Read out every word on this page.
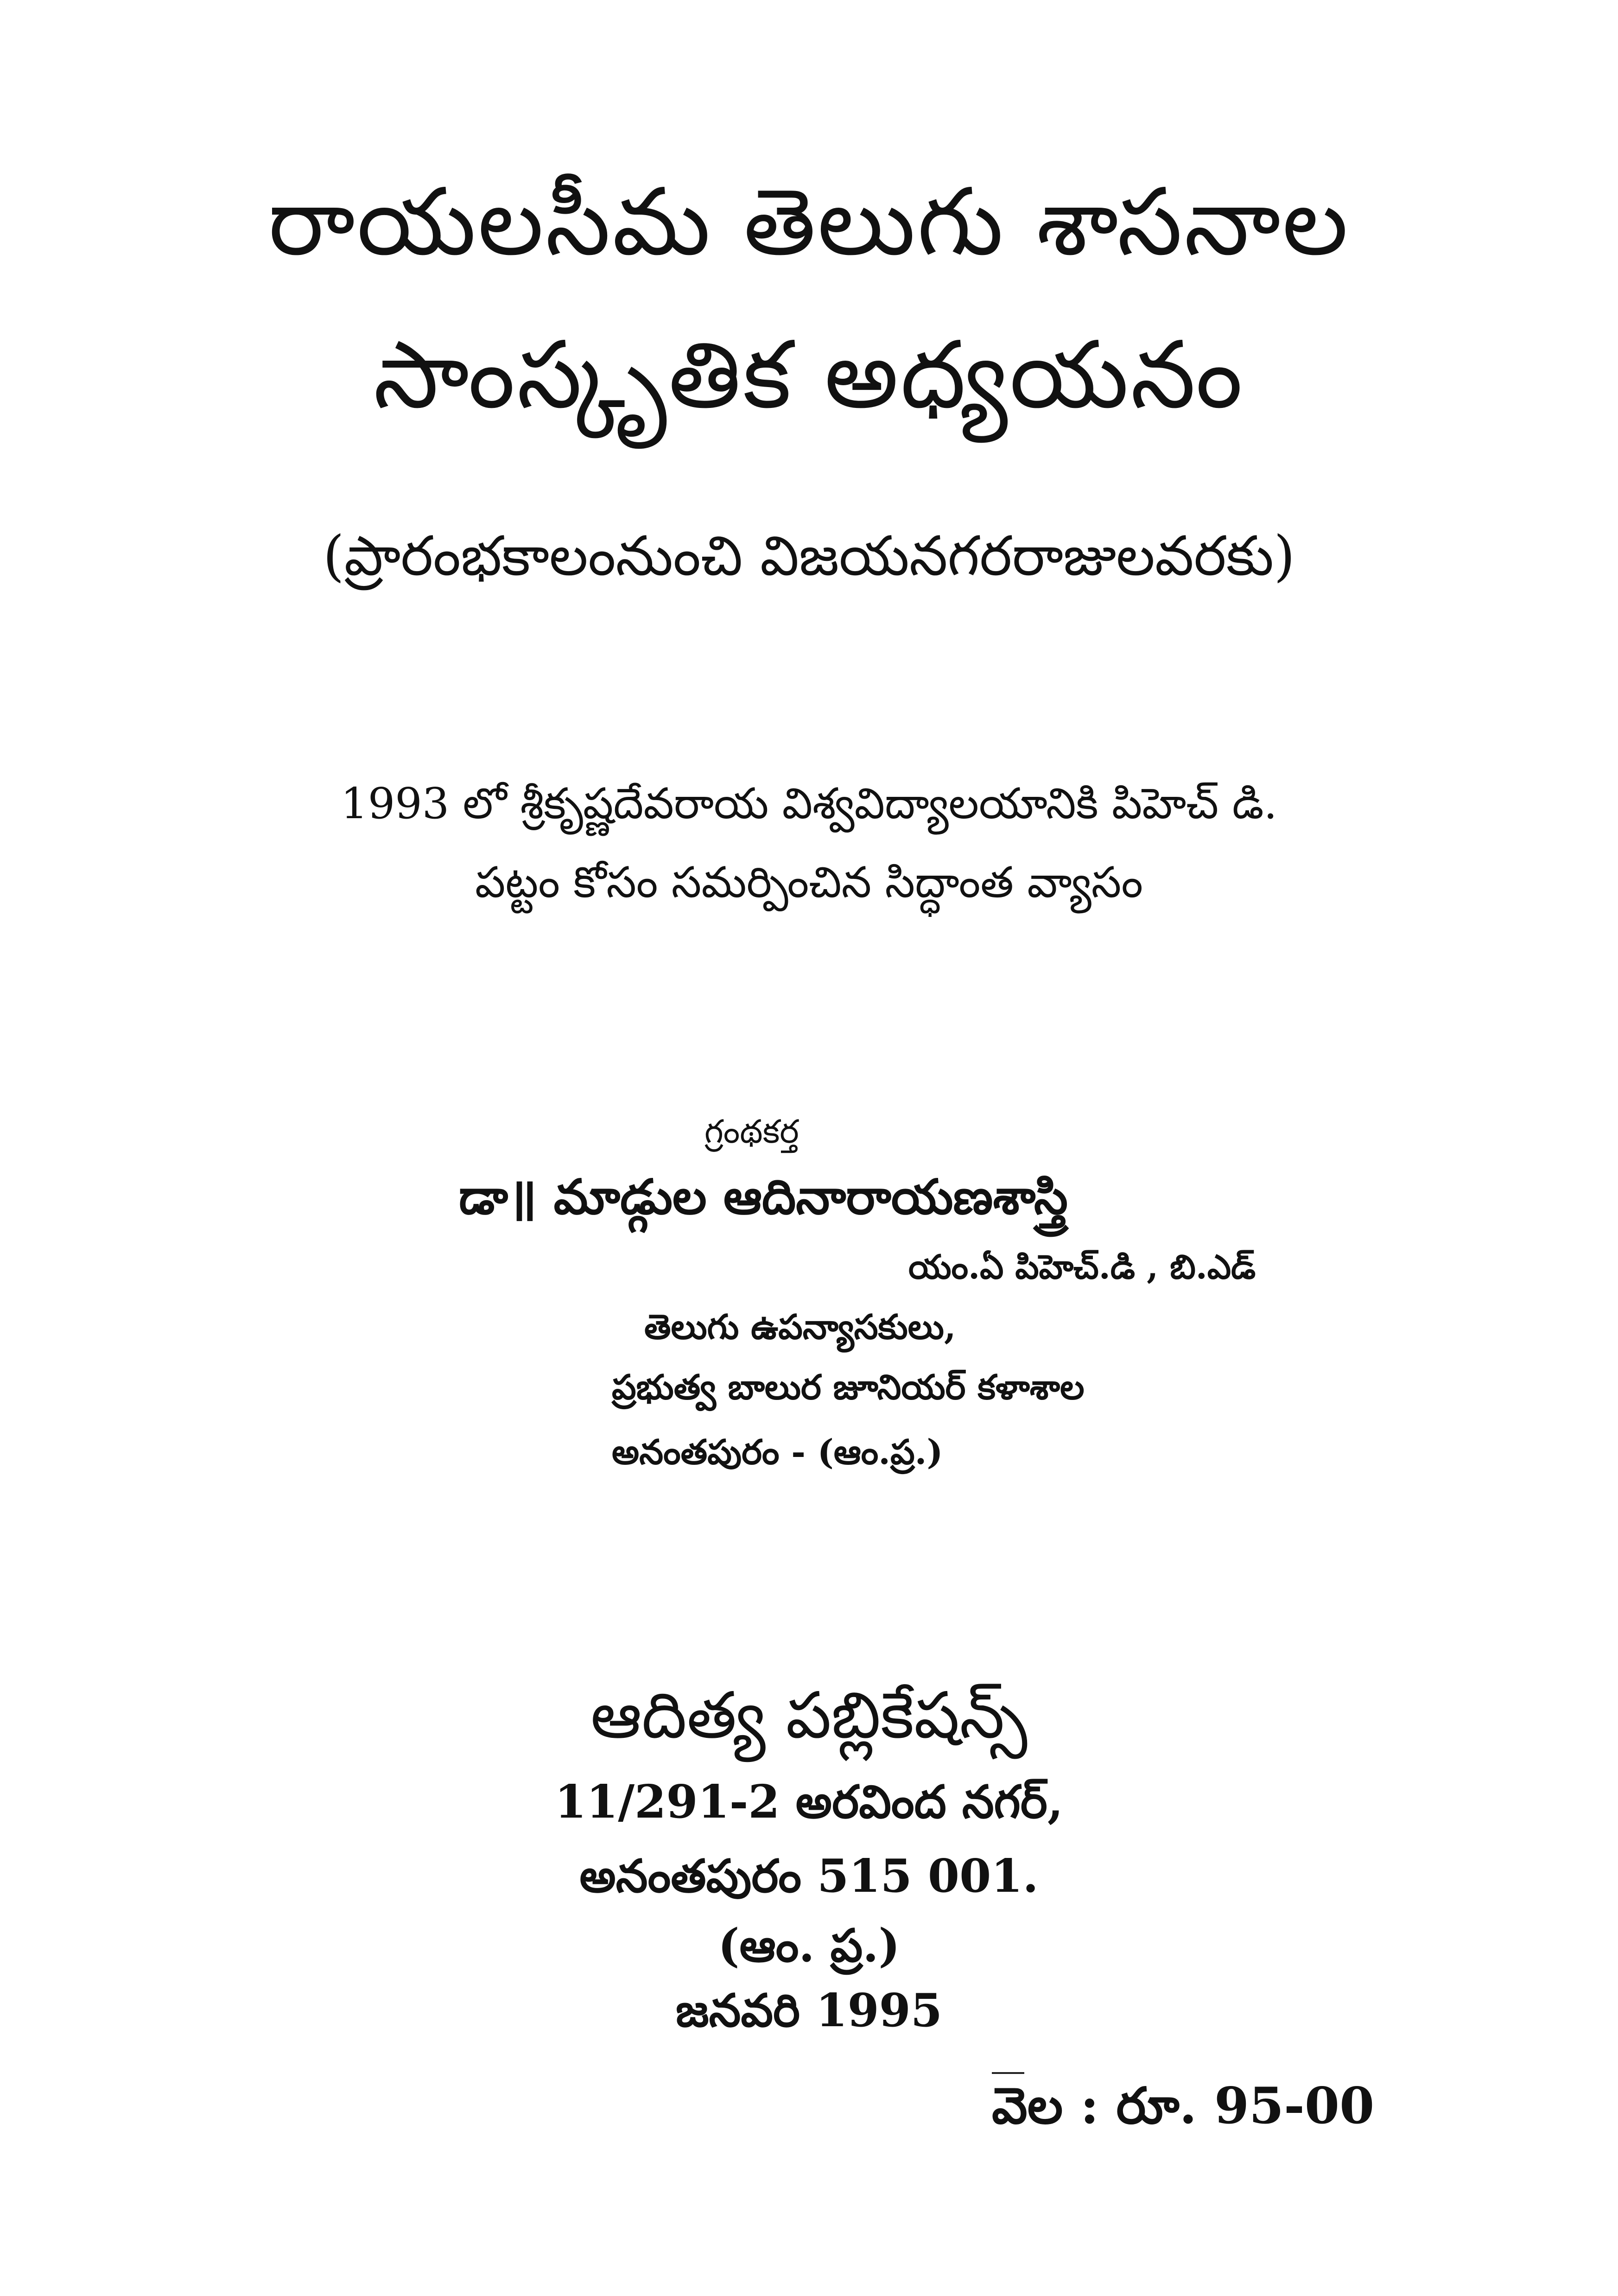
రాయలసీమ తెలుగు శాసనాల
సాంస్కృతిక అధ్యయనం
(ప్రారంభకాలంనుంచి విజయనగరరాజులవరకు)
1993 లో శ్రీకృష్ణదేవరాయ విశ్వవిద్యాలయానికి పిహెచ్ డి.
పట్టం కోసం సమర్పించిన సిద్ధాంత వ్యాసం
గ్రంథకర్త
డా॥ మాడ్గుల ఆదినారాయణశాస్త్రి
యం.ఏ పిహెచ్.డి , బి.ఎడ్
తెలుగు ఉపన్యాసకులు,
ప్రభుత్వ బాలుర జూనియర్ కళాశాల
అనంతపురం - (ఆం.ప్ర.)
ఆదిత్య పబ్లికేషన్స్
11/291-2 అరవింద నగర్,
అనంతపురం 515 001.
(ఆం. ప్ర.)
జనవరి 1995
వెల : రూ. 95-00
